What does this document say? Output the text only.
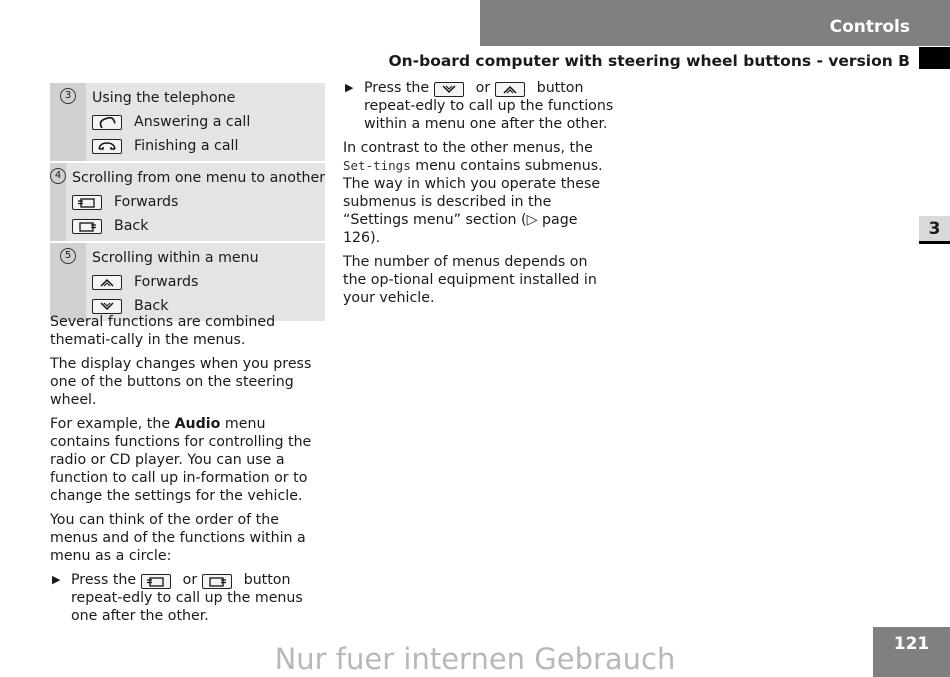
Controls
On-board computer with steering wheel buttons - version B
3
3	Using the telephone
Answering a call
Finishing a call
4 Scrolling from one menu to another
Forwards
Back
5	Scrolling within a menu
Forwards
Back

Several functions are combined themati-cally in the menus.

The display changes when you press one of the buttons on the steering wheel.

For example, the Audio menu contains functions for controlling the radio or CD player. You can use a function to call up in-formation or to change the settings for the vehicle.

You can think of the order of the menus and of the functions within a menu as a circle:

▶ Press the	or	button repeat-edly to call up the menus one after the other.
▶ Press the	or	button repeat-edly to call up the functions within a menu one after the other.

In contrast to the other menus, the Set-tings menu contains submenus. The way in which you operate these submenus is described in the “Settings menu” section (▷ page 126).

The number of menus depends on the op-tional equipment installed in your vehicle.

121
Nur fuer internen Gebrauch
